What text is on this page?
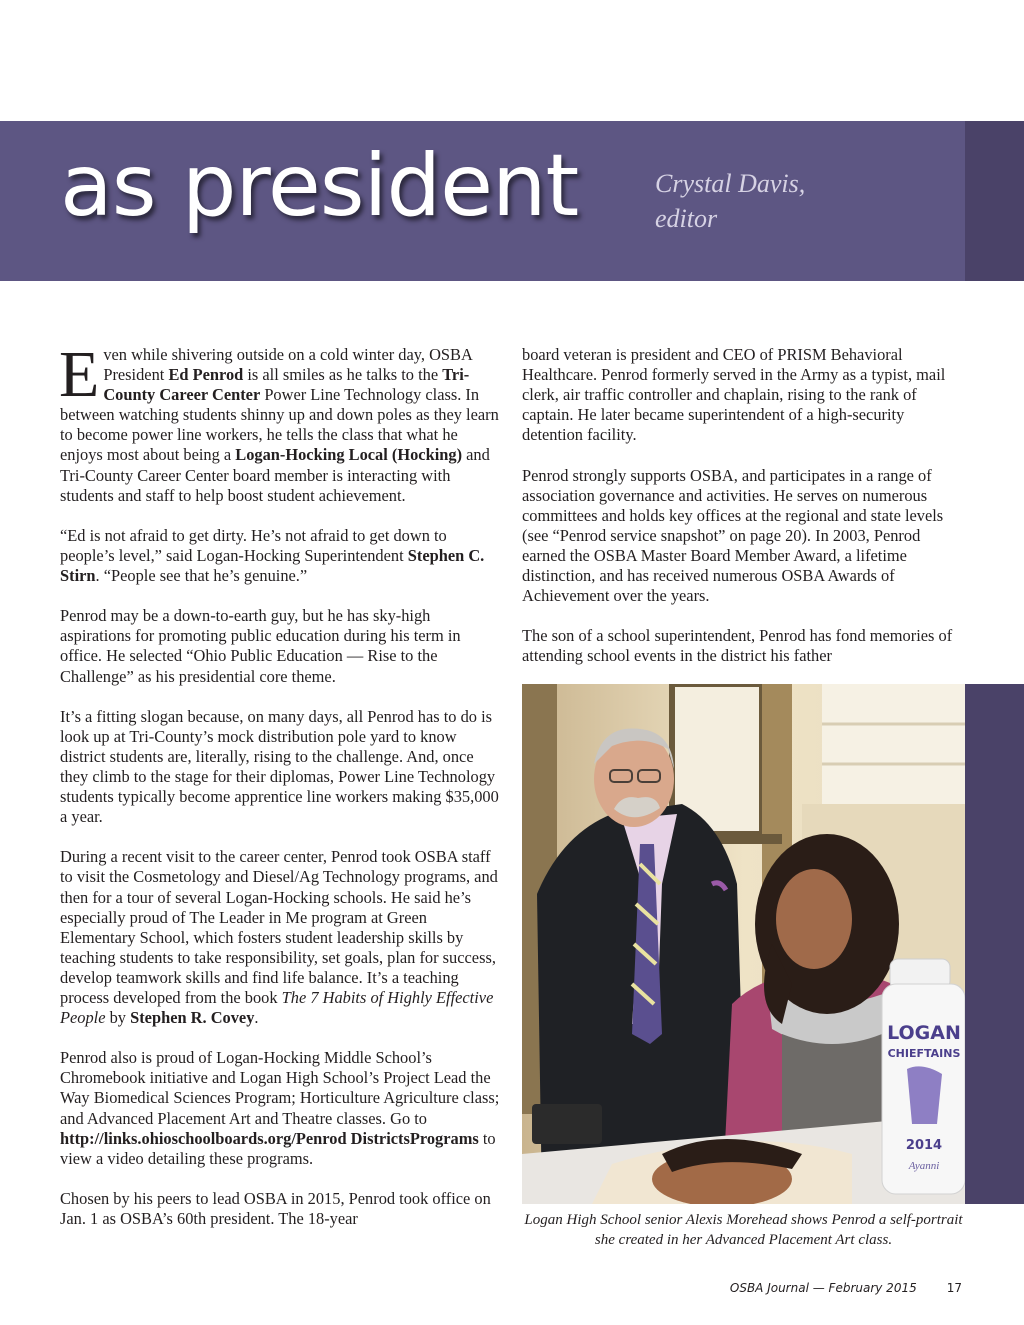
as president	Crystal Davis,
editor

Even while shivering outside on a cold winter day, OSBA President Ed Penrod is all smiles as he talks to the Tri-County Career Center Power Line Technology class. In between watching students shinny up and down poles as they learn to become power line workers, he tells the class that what he enjoys most about being a Logan-Hocking Local (Hocking) and Tri-County Career Center board member is interacting with students and staff to help boost student achievement.

“Ed is not afraid to get dirty. He’s not afraid to get down to people’s level,” said Logan-Hocking Superintendent Stephen C. Stirn. “People see that he’s genuine.”

Penrod may be a down-to-earth guy, but he has sky-high aspirations for promoting public education during his term in office. He selected “Ohio Public Education — Rise to the Challenge” as his presidential core theme.

It’s a fitting slogan because, on many days, all Penrod has to do is look up at Tri-County’s mock distribution pole yard to know district students are, literally, rising to the challenge. And, once they climb to the stage for their diplomas, Power Line Technology students typically become apprentice line workers making $35,000 a year.

During a recent visit to the career center, Penrod took OSBA staff to visit the Cosmetology and Diesel/Ag Technology programs, and then for a tour of several Logan-Hocking schools. He said he’s especially proud of The Leader in Me program at Green Elementary School, which fosters student leadership skills by teaching students to take responsibility, set goals, plan for success, develop teamwork skills and find life balance. It’s a teaching process developed from the book The 7 Habits of Highly Effective People by Stephen R. Covey.

Penrod also is proud of Logan-Hocking Middle School’s Chromebook initiative and Logan High School’s Project Lead the Way Biomedical Sciences Program; Horticulture Agriculture class; and Advanced Placement Art and Theatre classes. Go to http://links.ohioschoolboards.org/Penrod DistrictsPrograms to view a video detailing these programs.

Chosen by his peers to lead OSBA in 2015, Penrod took office on Jan. 1 as OSBA’s 60th president. The 18-year

board veteran is president and CEO of PRISM Behavioral Healthcare. Penrod formerly served in the Army as a typist, mail clerk, air traffic controller and chaplain, rising to the rank of captain. He later became superintendent of a high-security detention facility.

Penrod strongly supports OSBA, and participates in a range of association governance and activities. He serves on numerous committees and holds key offices at the regional and state levels (see “Penrod service snapshot” on page 20). In 2003, Penrod earned the OSBA Master Board Member Award, a lifetime distinction, and has received numerous OSBA Awards of Achievement over the years.

The son of a school superintendent, Penrod has fond memories of attending school events in the district his father

LOGAN
CHIEFTAINS
2014
Ayanni
Logan High School senior Alexis Morehead shows Penrod a self-portrait she created in her Advanced Placement Art class.
OSBA Journal — February 2015	17
